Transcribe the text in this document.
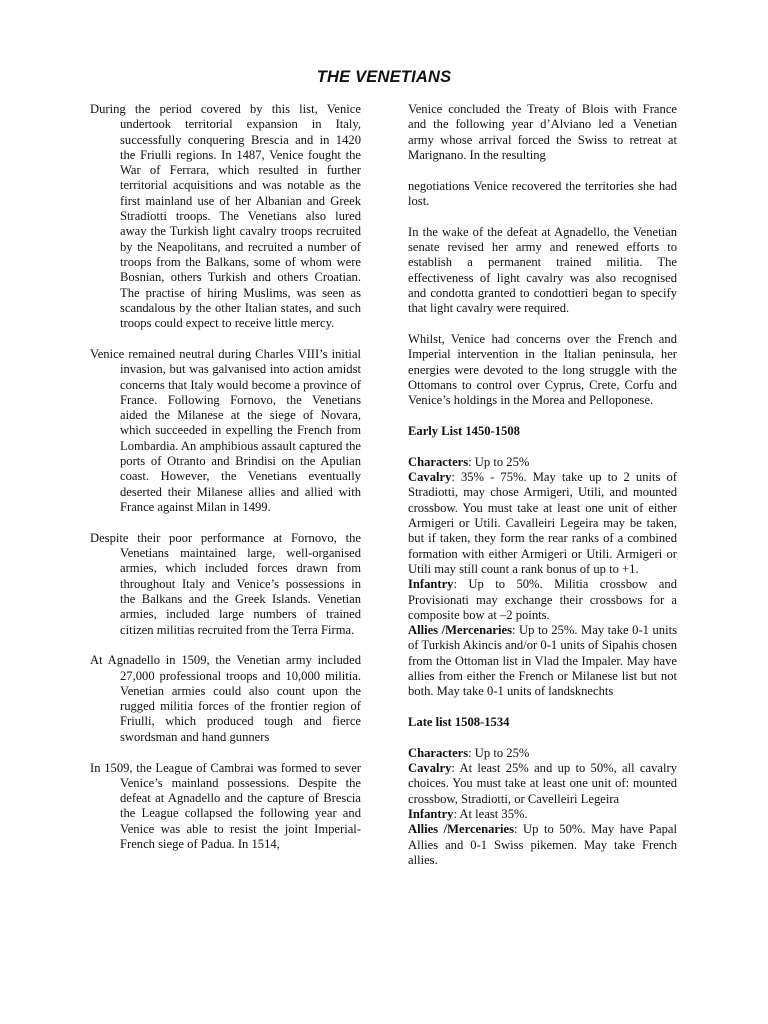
THE VENETIANS

During the period covered by this list, Venice undertook territorial expansion in Italy, successfully conquering Brescia and in 1420 the Friulli regions. In 1487, Venice fought the War of Ferrara, which resulted in further territorial acquisitions and was notable as the first mainland use of her Albanian and Greek Stradiotti troops. The Venetians also lured away the Turkish light cavalry troops recruited by the Neapolitans, and recruited a number of troops from the Balkans, some of whom were Bosnian, others Turkish and others Croatian. The practise of hiring Muslims, was seen as scandalous by the other Italian states, and such troops could expect to receive little mercy.

Venice remained neutral during Charles VIII’s initial invasion, but was galvanised into action amidst concerns that Italy would become a province of France. Following Fornovo, the Venetians aided the Milanese at the siege of Novara, which succeeded in expelling the French from Lombardia. An amphibious assault captured the ports of Otranto and Brindisi on the Apulian coast. However, the Venetians eventually deserted their Milanese allies and allied with France against Milan in 1499.

Despite their poor performance at Fornovo, the Venetians maintained large, well-organised armies, which included forces drawn from throughout Italy and Venice’s possessions in the Balkans and the Greek Islands. Venetian armies, included large numbers of trained citizen militias recruited from the Terra Firma.

At Agnadello in 1509, the Venetian army included 27,000 professional troops and 10,000 militia. Venetian armies could also count upon the rugged militia forces of the frontier region of Friulli, which produced tough and fierce swordsman and hand gunners

In 1509, the League of Cambrai was formed to sever Venice’s mainland possessions. Despite the defeat at Agnadello and the capture of Brescia the League collapsed the following year and Venice was able to resist the joint Imperial-French siege of Padua. In 1514,

Venice concluded the Treaty of Blois with France and the following year d’Alviano led a Venetian army whose arrival forced the Swiss to retreat at Marignano. In the resulting

negotiations Venice recovered the territories she had lost.

In the wake of the defeat at Agnadello, the Venetian senate revised her army and renewed efforts to establish a permanent trained militia. The effectiveness of light cavalry was also recognised and condotta granted to condottieri began to specify that light cavalry were required.

Whilst, Venice had concerns over the French and Imperial intervention in the Italian peninsula, her energies were devoted to the long struggle with the Ottomans to control over Cyprus, Crete, Corfu and Venice’s holdings in the Morea and Pelloponese.

Early List 1450-1508
Characters: Up to 25%
Cavalry: 35% - 75%. May take up to 2 units of Stradiotti, may chose Armigeri, Utili, and mounted crossbow. You must take at least one unit of either Armigeri or Utili. Cavalleiri Legeira may be taken, but if taken, they form the rear ranks of a combined formation with either Armigeri or Utili. Armigeri or Utili may still count a rank bonus of up to +1.
Infantry: Up to 50%. Militia crossbow and Provisionati may exchange their crossbows for a composite bow at –2 points.
Allies /Mercenaries: Up to 25%. May take 0-1 units of Turkish Akincis and/or 0-1 units of Sipahis chosen from the Ottoman list in Vlad the Impaler. May have allies from either the French or Milanese list but not both. May take 0-1 units of landsknechts
Late list 1508-1534
Characters: Up to 25%
Cavalry: At least 25% and up to 50%, all cavalry choices. You must take at least one unit of: mounted crossbow, Stradiotti, or Cavelleiri Legeira
Infantry: At least 35%.
Allies /Mercenaries: Up to 50%. May have Papal Allies and 0-1 Swiss pikemen. May take French allies.
